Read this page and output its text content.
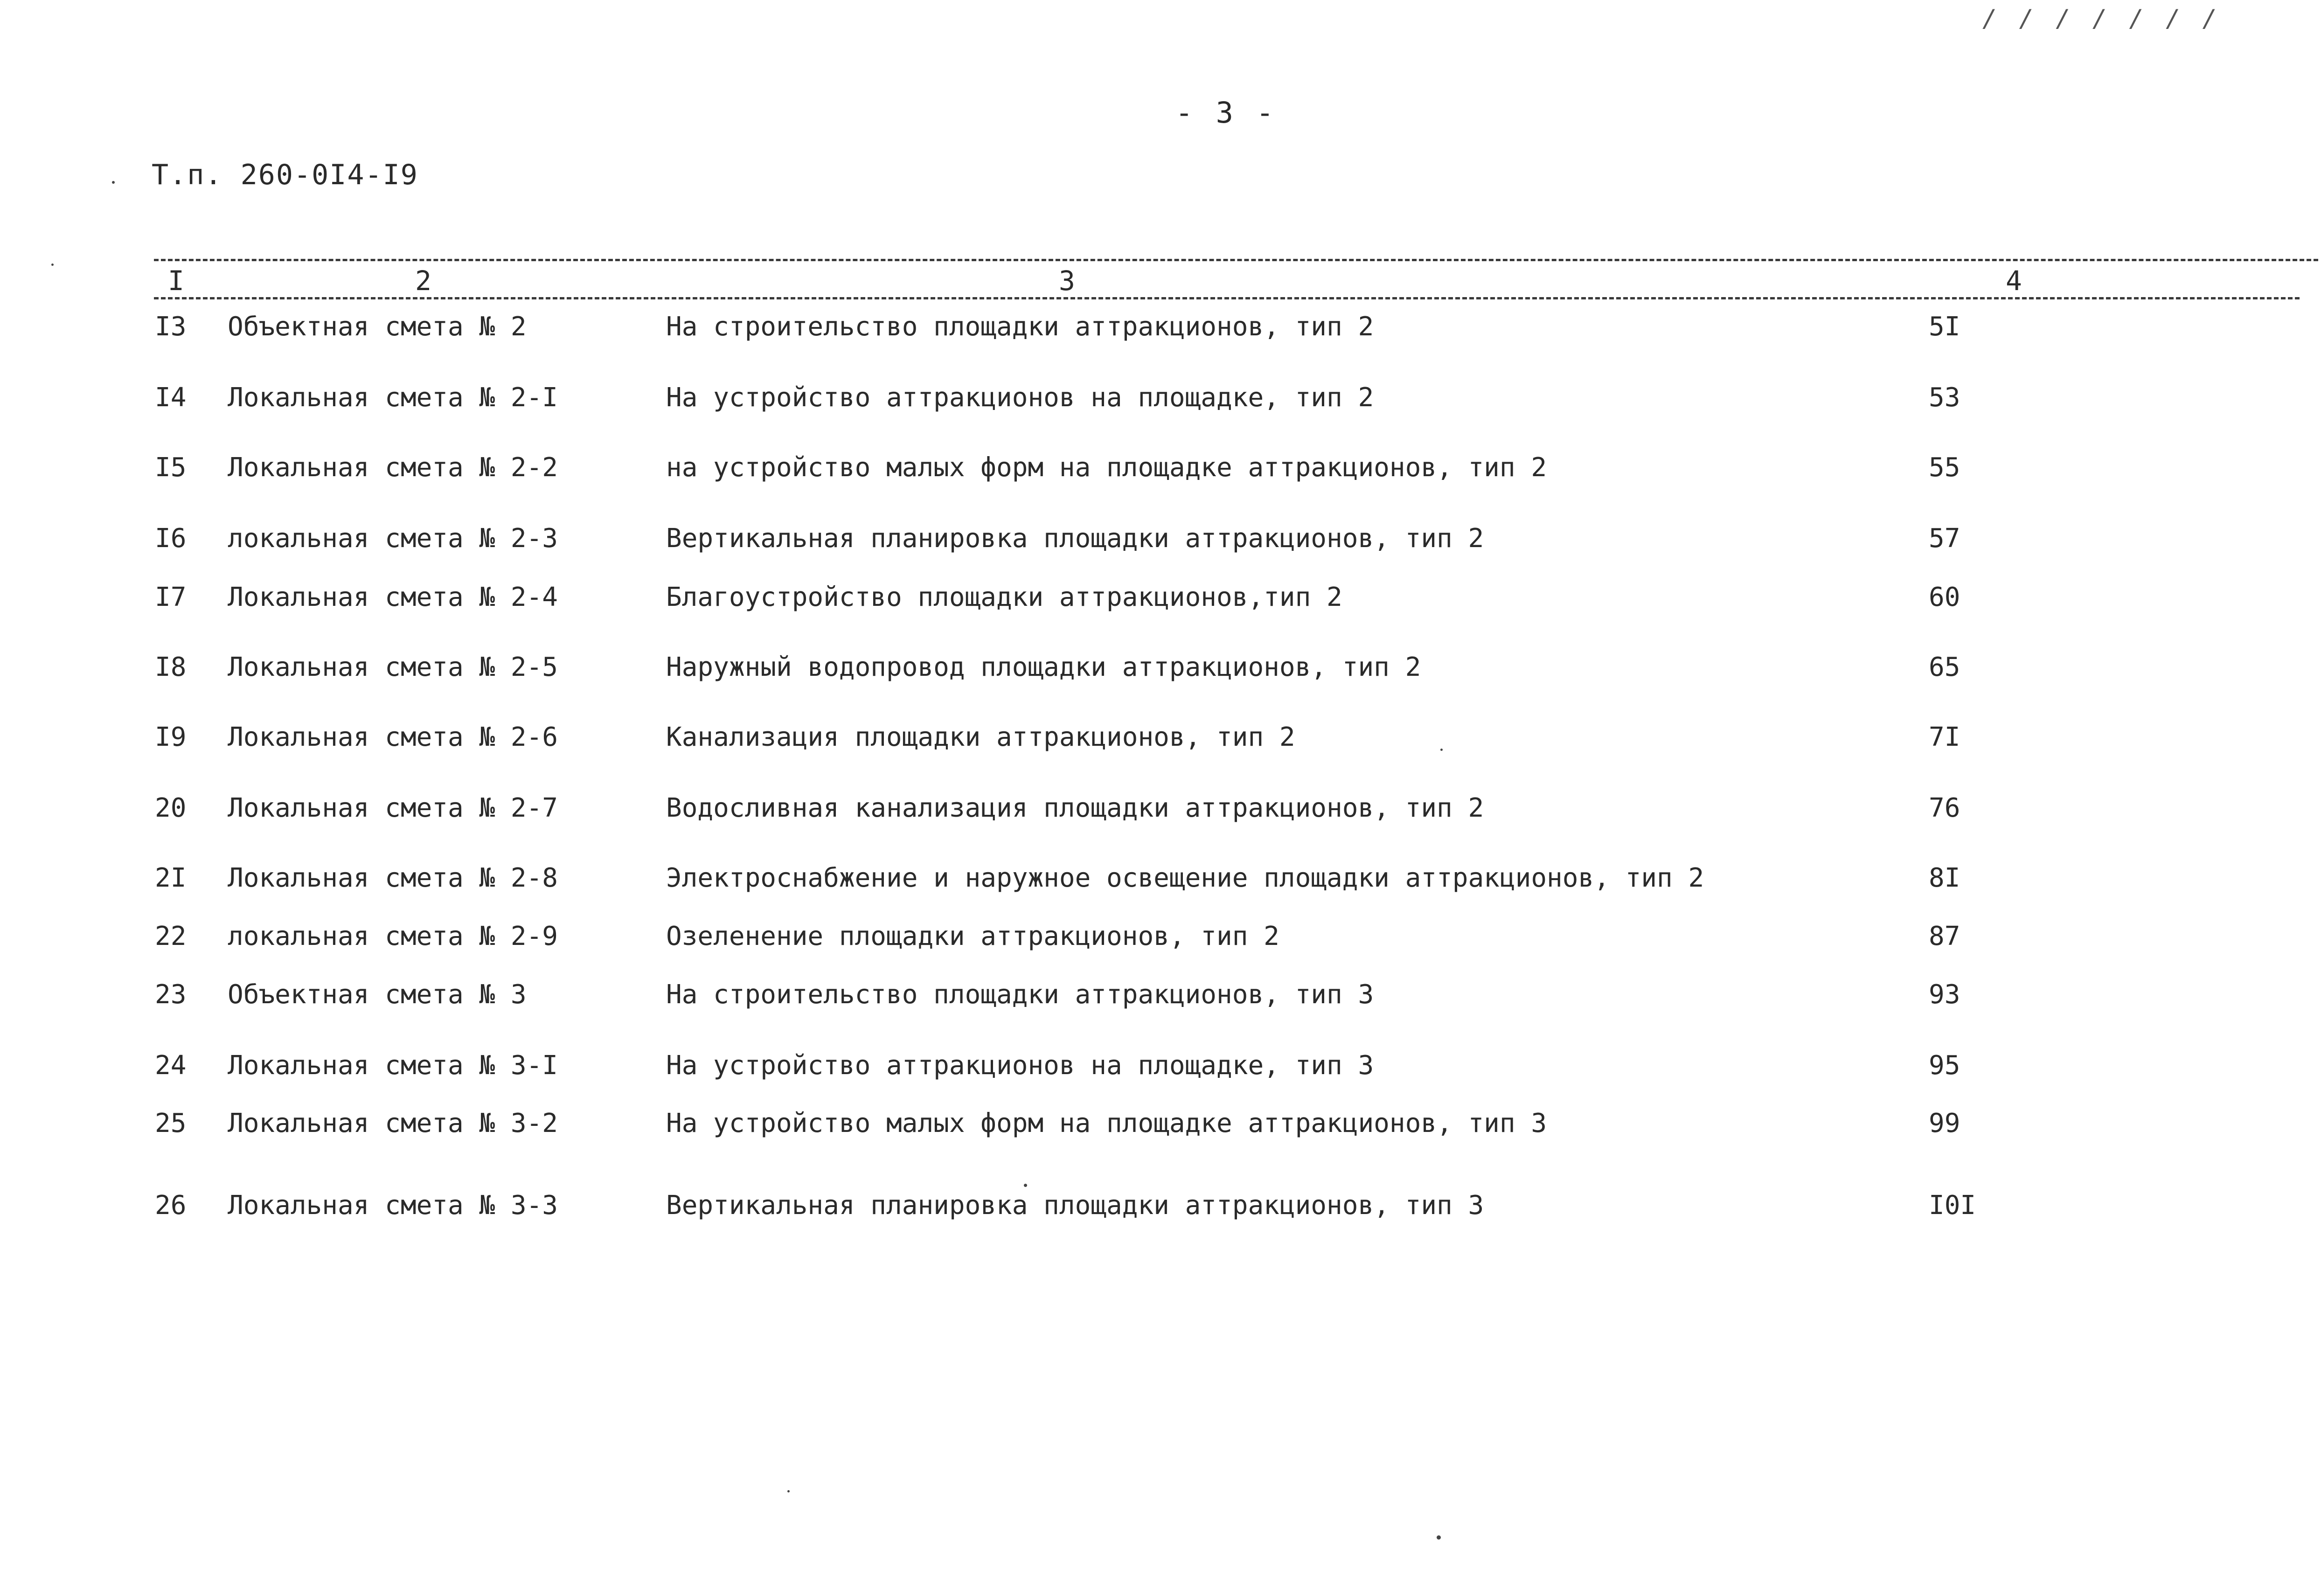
/ / / / / / /
- 3 -
Т.п. 260-0I4-I9
I	2	3	4
I3 Объектная смета № 2	На строительство площадки аттракционов, тип 2	5I
I4 Локальная смета № 2-I	На устройство аттракционов на площадке, тип 2	53
I5 Локальная смета № 2-2	на устройство малых форм на площадке аттракционов, тип 2	55
I6 локальная смета № 2-3	Вертикальная планировка площадки аттракционов, тип 2	57
I7 Локальная смета № 2-4	Благоустройство площадки аттракционов,тип 2	60
I8 Локальная смета № 2-5	Наружный водопровод площадки аттракционов, тип 2	65
I9 Локальная смета № 2-6	Канализация площадки аттракционов, тип 2	7I
20 Локальная смета № 2-7	Водосливная канализация площадки аттракционов, тип 2	76
2I Локальная смета № 2-8	Электроснабжение и наружное освещение площадки аттракционов, тип 2	8I
22 локальная смета № 2-9	Озеленение площадки аттракционов, тип 2	87
23 Объектная смета № 3	На строительство площадки аттракционов, тип 3	93
24 Локальная смета № 3-I	На устройство аттракционов на площадке, тип 3	95
25 Локальная смета № 3-2	На устройство малых форм на площадке аттракционов, тип 3	99
26 Локальная смета № 3-3	Вертикальная планировка площадки аттракционов, тип 3	I0I
